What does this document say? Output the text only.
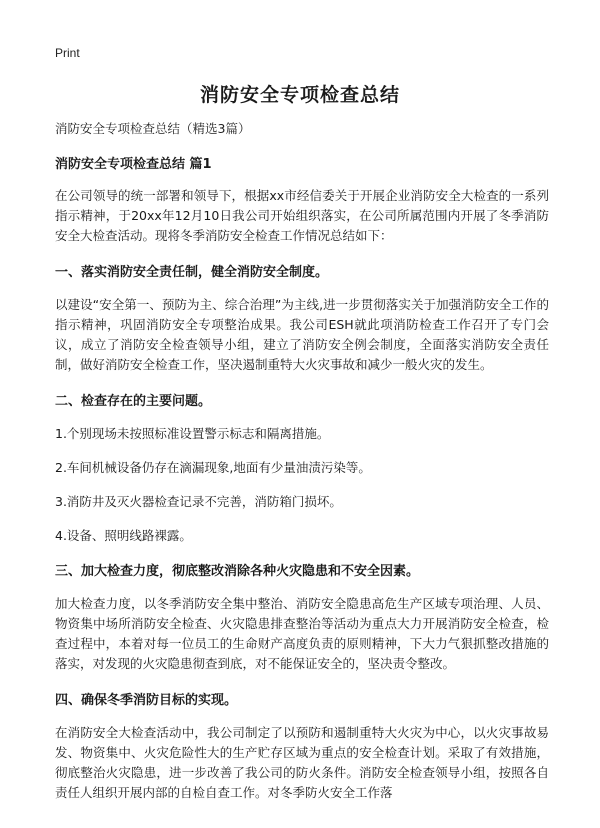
Print
消防安全专项检查总结

消防安全专项检查总结（精选3篇）

消防安全专项检查总结 篇1

在公司领导的统一部署和领导下，根据xx市经信委关于开展企业消防安全大检查的一系列指示精神，于20xx年12月10日我公司开始组织落实，在公司所属范围内开展了冬季消防安全大检查活动。现将冬季消防安全检查工作情况总结如下：

一、落实消防安全责任制，健全消防安全制度。

以建设“安全第一、预防为主、综合治理”为主线,进一步贯彻落实关于加强消防安全工作的指示精神，巩固消防安全专项整治成果。我公司ESH就此项消防检查工作召开了专门会议，成立了消防安全检查领导小组，建立了消防安全例会制度，全面落实消防安全责任制，做好消防安全检查工作，坚决遏制重特大火灾事故和减少一般火灾的发生。

二、检查存在的主要问题。

1.个别现场未按照标准设置警示标志和隔离措施。

2.车间机械设备仍存在滴漏现象,地面有少量油渍污染等。

3.消防井及灭火器检查记录不完善，消防箱门损坏。

4.设备、照明线路裸露。

三、加大检查力度，彻底整改消除各种火灾隐患和不安全因素。

加大检查力度，以冬季消防安全集中整治、消防安全隐患高危生产区域专项治理、人员、物资集中场所消防安全检查、火灾隐患排查整治等活动为重点大力开展消防安全检查，检查过程中，本着对每一位员工的生命财产高度负责的原则精神，下大力气狠抓整改措施的落实，对发现的火灾隐患彻查到底，对不能保证安全的，坚决责令整改。

四、确保冬季消防目标的实现。

在消防安全大检查活动中，我公司制定了以预防和遏制重特大火灾为中心，以火灾事故易发、物资集中、火灾危险性大的生产贮存区域为重点的安全检查计划。采取了有效措施，彻底整治火灾隐患，进一步改善了我公司的防火条件。消防安全检查领导小组，按照各自责任人组织开展内部的自检自查工作。对冬季防火安全工作落
